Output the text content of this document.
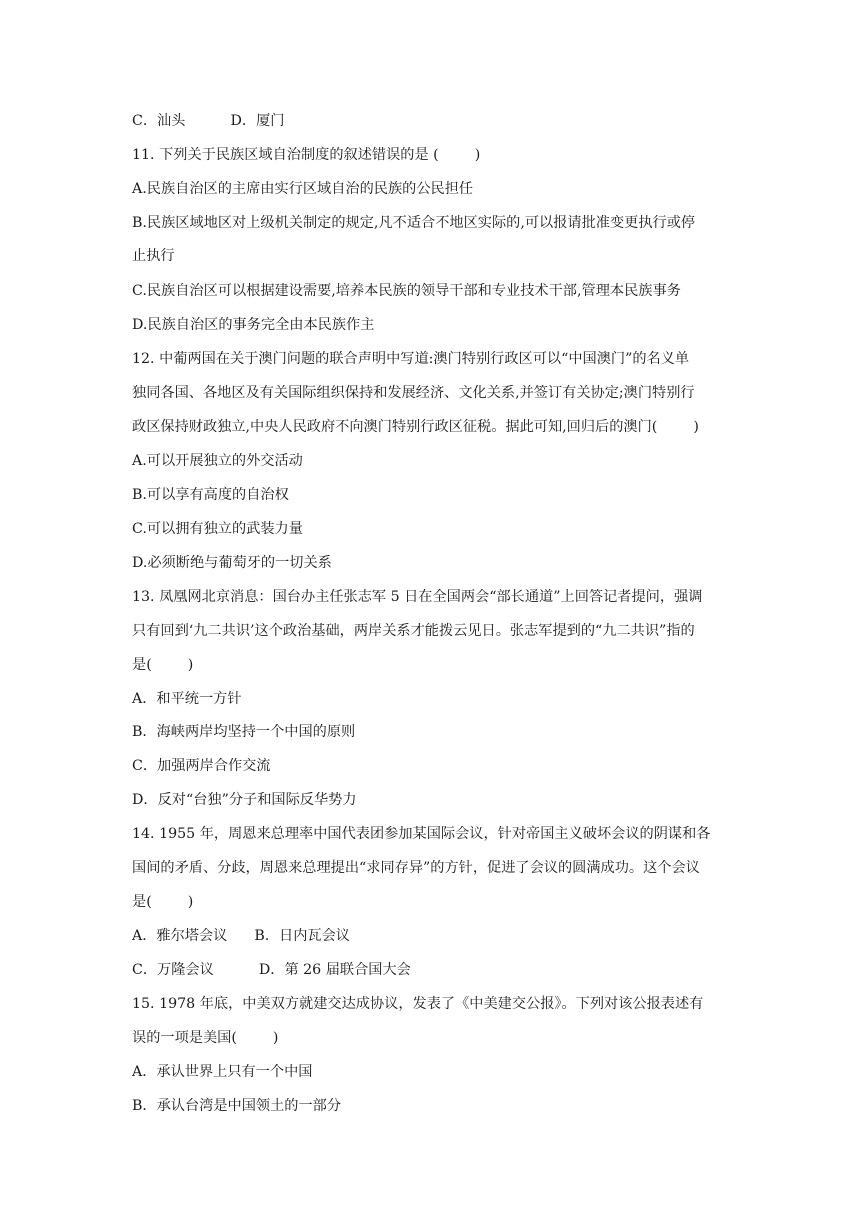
C．汕头          D．厦门
11. 下列关于民族区域自治制度的叙述错误的是 (        )
A.民族自治区的主席由实行区域自治的民族的公民担任
B.民族区域地区对上级机关制定的规定,凡不适合不地区实际的,可以报请批准变更执行或停
止执行
C.民族自治区可以根据建设需要,培养本民族的领导干部和专业技术干部,管理本民族事务
D.民族自治区的事务完全由本民族作主
12. 中葡两国在关于澳门问题的联合声明中写道:澳门特别行政区可以“中国澳门”的名义单
独同各国、各地区及有关国际组织保持和发展经济、文化关系,并签订有关协定;澳门特别行
政区保持财政独立,中央人民政府不向澳门特别行政区征税。据此可知,回归后的澳门(        )
A.可以开展独立的外交活动
B.可以享有高度的自治权
C.可以拥有独立的武装力量
D.必须断绝与葡萄牙的一切关系
13. 凤凰网北京消息：国台办主任张志军 5 日在全国两会“部长通道”上回答记者提问，强调
只有回到‘九二共识’这个政治基础，两岸关系才能拨云见日。张志军提到的“九二共识”指的
是(        )
A．和平统一方针
B．海峡两岸均坚持一个中国的原则
C．加强两岸合作交流
D．反对“台独”分子和国际反华势力
14. 1955 年，周恩来总理率中国代表团参加某国际会议，针对帝国主义破坏会议的阴谋和各
国间的矛盾、分歧，周恩来总理提出“求同存异”的方针，促进了会议的圆满成功。这个会议
是(        )
A．雅尔塔会议      B．日内瓦会议
C．万隆会议          D．第 26 届联合国大会
15. 1978 年底，中美双方就建交达成协议，发表了《中美建交公报》。下列对该公报表述有
误的一项是美国(        )
A．承认世界上只有一个中国
B．承认台湾是中国领土的一部分
